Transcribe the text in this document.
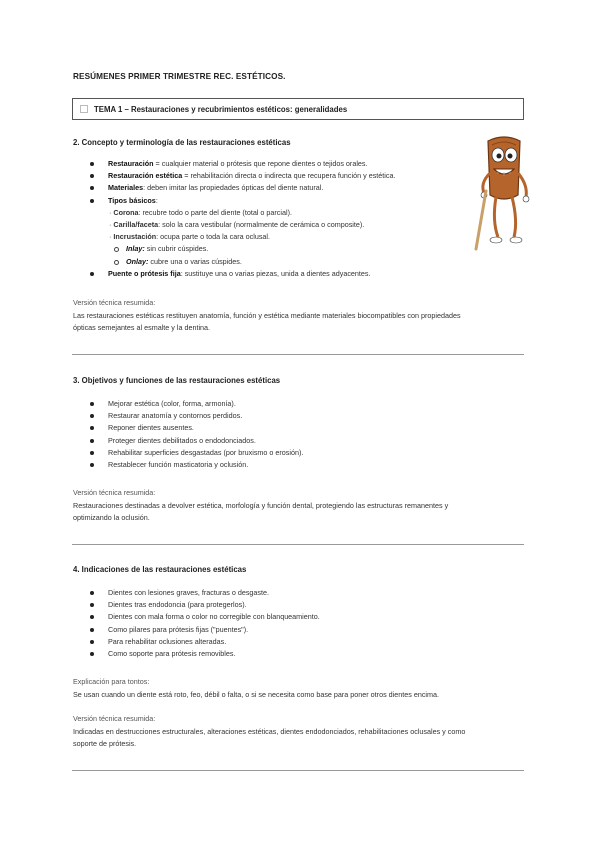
RESÚMENES PRIMER TRIMESTRE REC. ESTÉTICOS.
TEMA 1 – Restauraciones y recubrimientos estéticos: generalidades
2. Concepto y terminología de las restauraciones estéticas
Restauración = cualquier material o prótesis que repone dientes o tejidos orales.
Restauración estética = rehabilitación directa o indirecta que recupera función y estética.
Materiales: deben imitar las propiedades ópticas del diente natural.
Tipos básicos:
· Corona: recubre todo o parte del diente (total o parcial).
· Carilla/faceta: solo la cara vestibular (normalmente de cerámica o composite).
· Incrustación: ocupa parte o toda la cara oclusal.
Inlay: sin cubrir cúspides.
Onlay: cubre una o varias cúspides.
Puente o prótesis fija: sustituye una o varias piezas, unida a dientes adyacentes.
Versión técnica resumida:
Las restauraciones estéticas restituyen anatomía, función y estética mediante materiales biocompatibles con propiedades
ópticas semejantes al esmalte y la dentina.
3. Objetivos y funciones de las restauraciones estéticas
Mejorar estética (color, forma, armonía).
Restaurar anatomía y contornos perdidos.
Reponer dientes ausentes.
Proteger dientes debilitados o endodonciados.
Rehabilitar superficies desgastadas (por bruxismo o erosión).
Restablecer función masticatoria y oclusión.
Versión técnica resumida:
Restauraciones destinadas a devolver estética, morfología y función dental, protegiendo las estructuras remanentes y
optimizando la oclusión.
4. Indicaciones de las restauraciones estéticas
Dientes con lesiones graves, fracturas o desgaste.
Dientes tras endodoncia (para protegerlos).
Dientes con mala forma o color no corregible con blanqueamiento.
Como pilares para prótesis fijas ("puentes").
Para rehabilitar oclusiones alteradas.
Como soporte para prótesis removibles.
Explicación para tontos:
Se usan cuando un diente está roto, feo, débil o falta, o si se necesita como base para poner otros dientes encima.
Versión técnica resumida:
Indicadas en destrucciones estructurales, alteraciones estéticas, dientes endodonciados, rehabilitaciones oclusales y como
soporte de prótesis.
